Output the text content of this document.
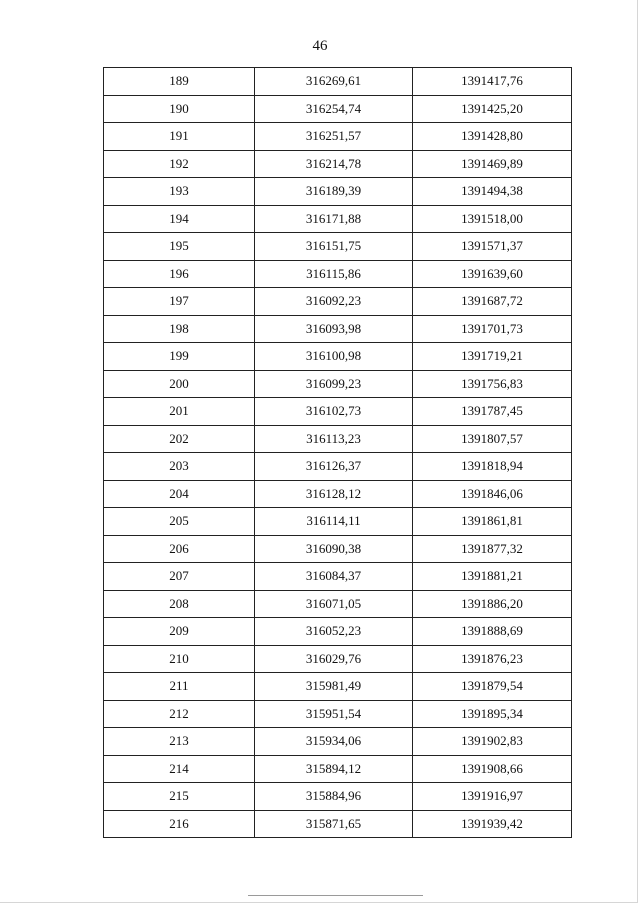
46
189	316269,61	1391417,76
190	316254,74	1391425,20
191	316251,57	1391428,80
192	316214,78	1391469,89
193	316189,39	1391494,38
194	316171,88	1391518,00
195	316151,75	1391571,37
196	316115,86	1391639,60
197	316092,23	1391687,72
198	316093,98	1391701,73
199	316100,98	1391719,21
200	316099,23	1391756,83
201	316102,73	1391787,45
202	316113,23	1391807,57
203	316126,37	1391818,94
204	316128,12	1391846,06
205	316114,11	1391861,81
206	316090,38	1391877,32
207	316084,37	1391881,21
208	316071,05	1391886,20
209	316052,23	1391888,69
210	316029,76	1391876,23
211	315981,49	1391879,54
212	315951,54	1391895,34
213	315934,06	1391902,83
214	315894,12	1391908,66
215	315884,96	1391916,97
216	315871,65	1391939,42
